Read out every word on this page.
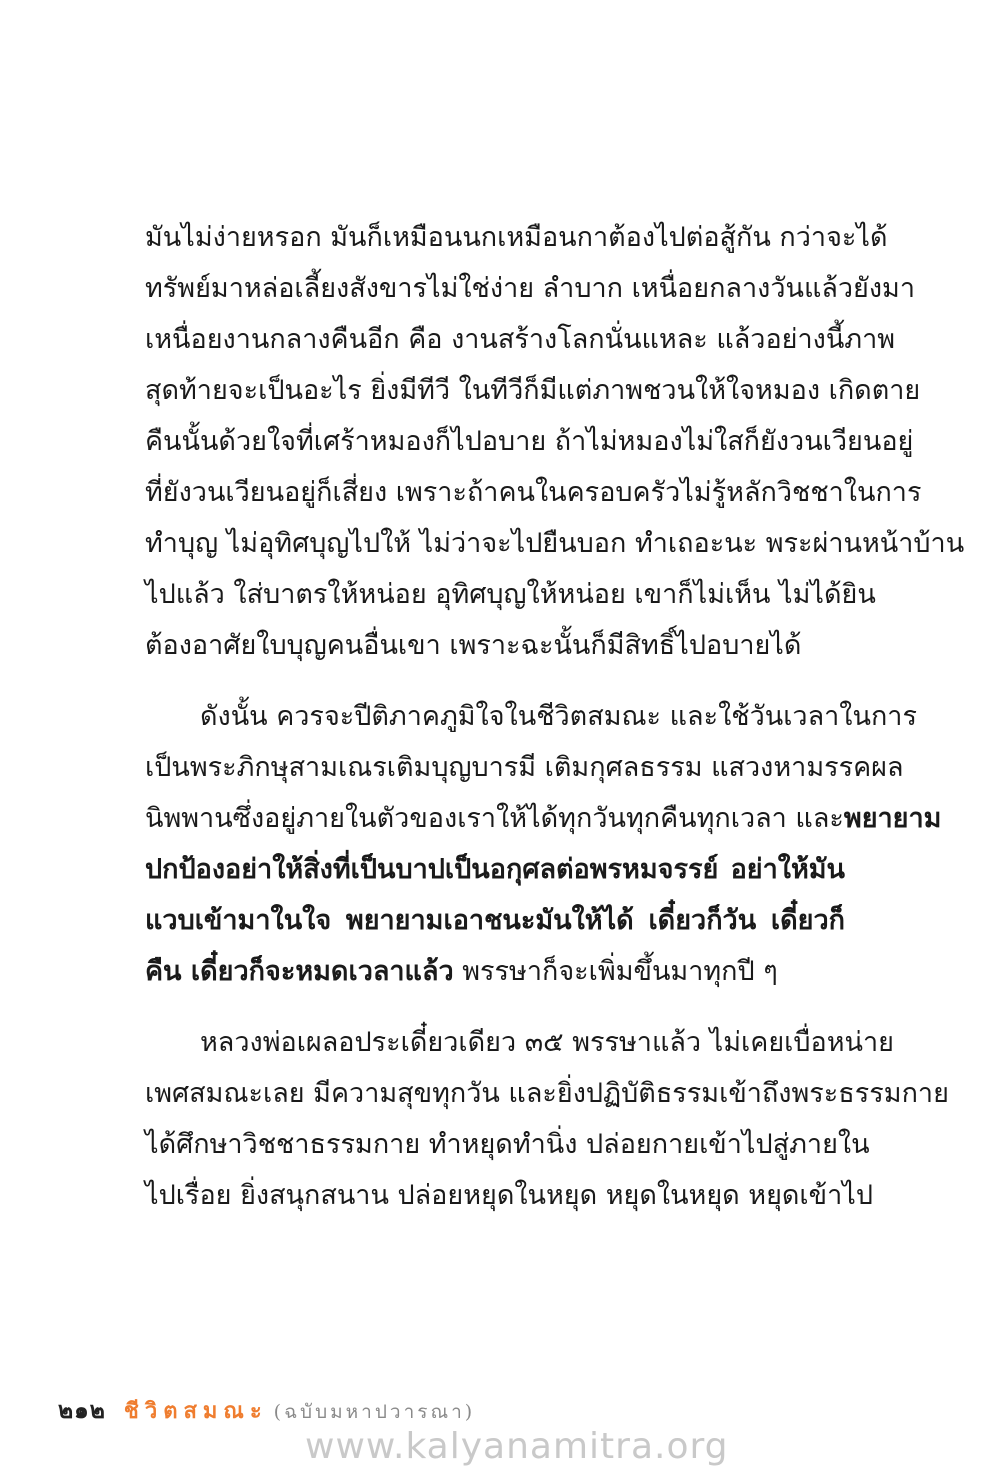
มันไม่ง่ายหรอก มันก็เหมือนนกเหมือนกาต้องไปต่อสู้กัน กว่าจะได้
ทรัพย์มาหล่อเลี้ยงสังขารไม่ใช่ง่าย ลำบาก เหนื่อยกลางวันแล้วยังมา
เหนื่อยงานกลางคืนอีก คือ งานสร้างโลกนั่นแหละ แล้วอย่างนี้ภาพ
สุดท้ายจะเป็นอะไร ยิ่งมีทีวี ในทีวีก็มีแต่ภาพชวนให้ใจหมอง เกิดตาย
คืนนั้นด้วยใจที่เศร้าหมองก็ไปอบาย ถ้าไม่หมองไม่ใสก็ยังวนเวียนอยู่
ที่ยังวนเวียนอยู่ก็เสี่ยง เพราะถ้าคนในครอบครัวไม่รู้หลักวิชชาในการ
ทำบุญ ไม่อุทิศบุญไปให้ ไม่ว่าจะไปยืนบอก ทำเถอะนะ พระผ่านหน้าบ้าน
ไปแล้ว ใส่บาตรให้หน่อย อุทิศบุญให้หน่อย เขาก็ไม่เห็น ไม่ได้ยิน
ต้องอาศัยใบบุญคนอื่นเขา เพราะฉะนั้นก็มีสิทธิ์ไปอบายได้
ดังนั้น ควรจะปีติภาคภูมิใจในชีวิตสมณะ และใช้วันเวลาในการ
เป็นพระภิกษุสามเณรเติมบุญบารมี เติมกุศลธรรม แสวงหามรรคผล
นิพพานซึ่งอยู่ภายในตัวของเราให้ได้ทุกวันทุกคืนทุกเวลา และพยายาม
ปกป้องอย่าให้สิ่งที่เป็นบาปเป็นอกุศลต่อพรหมจรรย์ อย่าให้มัน
แวบเข้ามาในใจ พยายามเอาชนะมันให้ได้ เดี๋ยวก็วัน เดี๋ยวก็
คืน เดี๋ยวก็จะหมดเวลาแล้ว พรรษาก็จะเพิ่มขึ้นมาทุกปี ๆ
หลวงพ่อเผลอประเดี๋ยวเดียว ๓๕ พรรษาแล้ว ไม่เคยเบื่อหน่าย
เพศสมณะเลย มีความสุขทุกวัน และยิ่งปฏิบัติธรรมเข้าถึงพระธรรมกาย
ได้ศึกษาวิชชาธรรมกาย ทำหยุดทำนิ่ง ปล่อยกายเข้าไปสู่ภายใน
ไปเรื่อย ยิ่งสนุกสนาน ปล่อยหยุดในหยุด หยุดในหยุด หยุดเข้าไป
๒๑๒ ชีวิตสมณะ (ฉบับมหาปวารณา)
www.kalyanamitra.org
